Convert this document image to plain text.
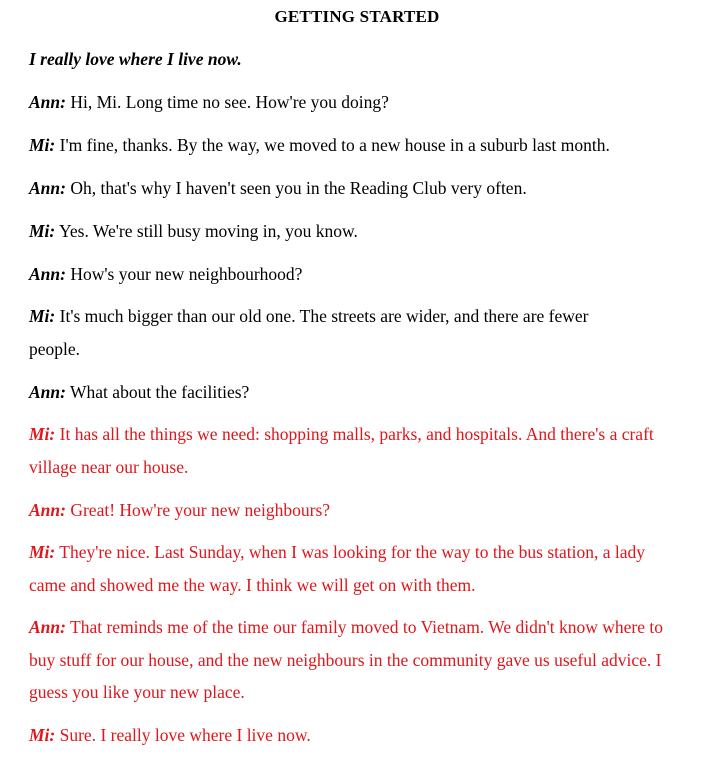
GETTING STARTED
I really love where I live now.
Ann: Hi, Mi. Long time no see. How're you doing?
Mi: I'm fine, thanks. By the way, we moved to a new house in a suburb last month.
Ann: Oh, that's why I haven't seen you in the Reading Club very often.
Mi: Yes. We're still busy moving in, you know.
Ann: How's your new neighbourhood?
Mi: It's much bigger than our old one. The streets are wider, and there are fewer people.
Ann: What about the facilities?
Mi: It has all the things we need: shopping malls, parks, and hospitals. And there's a craft village near our house.
Ann: Great! How're your new neighbours?
Mi: They're nice. Last Sunday, when I was looking for the way to the bus station, a lady came and showed me the way. I think we will get on with them.
Ann: That reminds me of the time our family moved to Vietnam. We didn't know where to buy stuff for our house, and the new neighbours in the community gave us useful advice. I guess you like your new place.
Mi: Sure. I really love where I live now.
